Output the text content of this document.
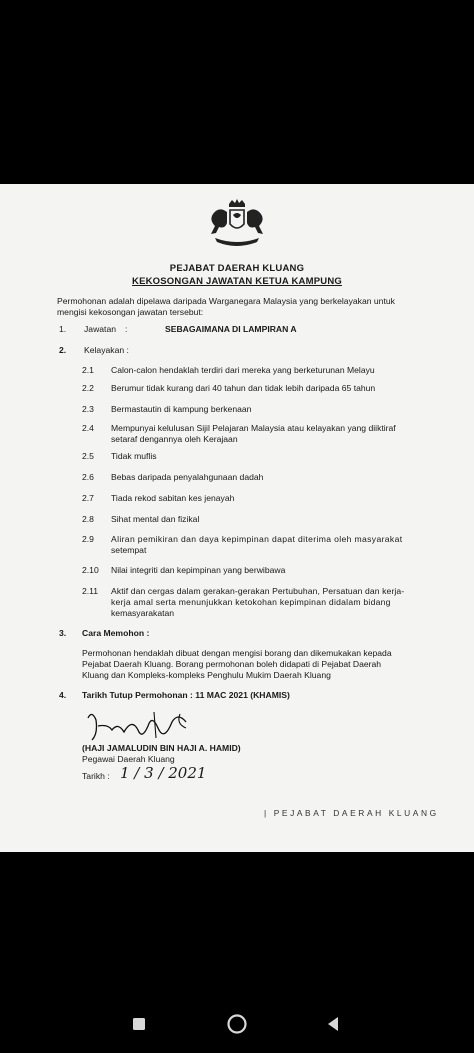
PEJABAT DAERAH KLUANG
KEKOSONGAN JAWATAN KETUA KAMPUNG
Permohonan adalah dipelawa daripada Warganegara Malaysia yang berkelayakan untuk
mengisi kekosongan jawatan tersebut:
1. Jawatan :	SEBAGAIMANA DI LAMPIRAN A
2. Kelayakan :
2.1 Calon-calon hendaklah terdiri dari mereka yang berketurunan Melayu
2.2 Berumur tidak kurang dari 40 tahun dan tidak lebih daripada 65 tahun
2.3 Bermastautin di kampung berkenaan
2.4 Mempunyai kelulusan Sijil Pelajaran Malaysia atau kelayakan yang diiktiraf
setaraf dengannya oleh Kerajaan
2.5 Tidak muflis
2.6 Bebas daripada penyalahgunaan dadah
2.7 Tiada rekod sabitan kes jenayah
2.8 Sihat mental dan fizikal
2.9 Aliran pemikiran dan daya kepimpinan dapat diterima oleh masyarakat
setempat
2.10 Nilai integriti dan kepimpinan yang berwibawa
2.11 Aktif dan cergas dalam gerakan-gerakan Pertubuhan, Persatuan dan kerja-
kerja amal serta menunjukkan ketokohan kepimpinan didalam bidang
kemasyarakatan
3. Cara Memohon :
Permohonan hendaklah dibuat dengan mengisi borang dan dikemukakan kepada
Pejabat Daerah Kluang. Borang permohonan boleh didapati di Pejabat Daerah
Kluang dan Kompleks-kompleks Penghulu Mukim Daerah Kluang
4. Tarikh Tutup Permohonan : 11 MAC 2021 (KHAMIS)
(HAJI JAMALUDIN BIN HAJI A. HAMID)
Pegawai Daerah Kluang
Tarikh : 1 / 3 / 2021
| PEJABAT DAERAH KLUANG
